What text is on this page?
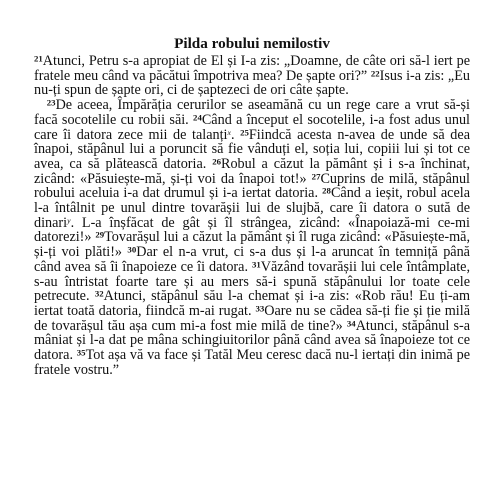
Pilda robului nemilostiv

$^{21}$Atunci, Petru s-a apropiat de El și I-a zis: „Doamne, de câte ori să-l iert pe fratele meu când va păcătui împotriva mea? De șapte ori?” $^{22}$Isus i-a zis: „Eu nu-ți spun de șapte ori, ci de șaptezeci de ori câte șapte.

$^{23}$De aceea, Împărăția cerurilor se aseamănă cu un rege care a vrut să-și facă socotelile cu robii săi. $^{24}$Când a început el socotelile, i-a fost adus unul care îi datora zece mii de talanți$^x$. $^{25}$Fiindcă acesta n-avea de unde să dea înapoi, stăpânul lui a poruncit să fie vânduți el, soția lui, copiii lui și tot ce avea, ca să plătească datoria. $^{26}$Robul a căzut la pământ și i s-a închinat, zicând: «Păsuiește-mă, și-ți voi da înapoi tot!» $^{27}$Cuprins de milă, stăpânul robului aceluia i-a dat drumul și i-a iertat datoria. $^{28}$Când a ieșit, robul acela l-a întâlnit pe unul dintre tovarășii lui de slujbă, care îi datora o sută de dinari$^y$. L-a înșfăcat de gât și îl strângea, zicând: «Înapoiază-mi ce-mi datorezi!» $^{29}$Tovarășul lui a căzut la pământ și îl ruga zicând: «Păsuiește-mă, și-ți voi plăti!» $^{30}$Dar el n-a vrut, ci s-a dus și l-a aruncat în temniță până când avea să îi înapoieze ce îi datora. $^{31}$Văzând tovarășii lui cele întâmplate, s-au întristat foarte tare și au mers să-i spună stăpânului lor toate cele petrecute. $^{32}$Atunci, stăpânul său l-a chemat și i-a zis: «Rob rău! Eu ți-am iertat toată datoria, fiindcă m-ai rugat. $^{33}$Oare nu se cădea să-ți fie și ție milă de tovarășul tău așa cum mi-a fost mie milă de tine?» $^{34}$Atunci, stăpânul s-a mâniat și l-a dat pe mâna schingiuitorilor până când avea să înapoieze tot ce datora. $^{35}$Tot așa vă va face și Tatăl Meu ceresc dacă nu-l iertați din inimă pe fratele vostru.”
